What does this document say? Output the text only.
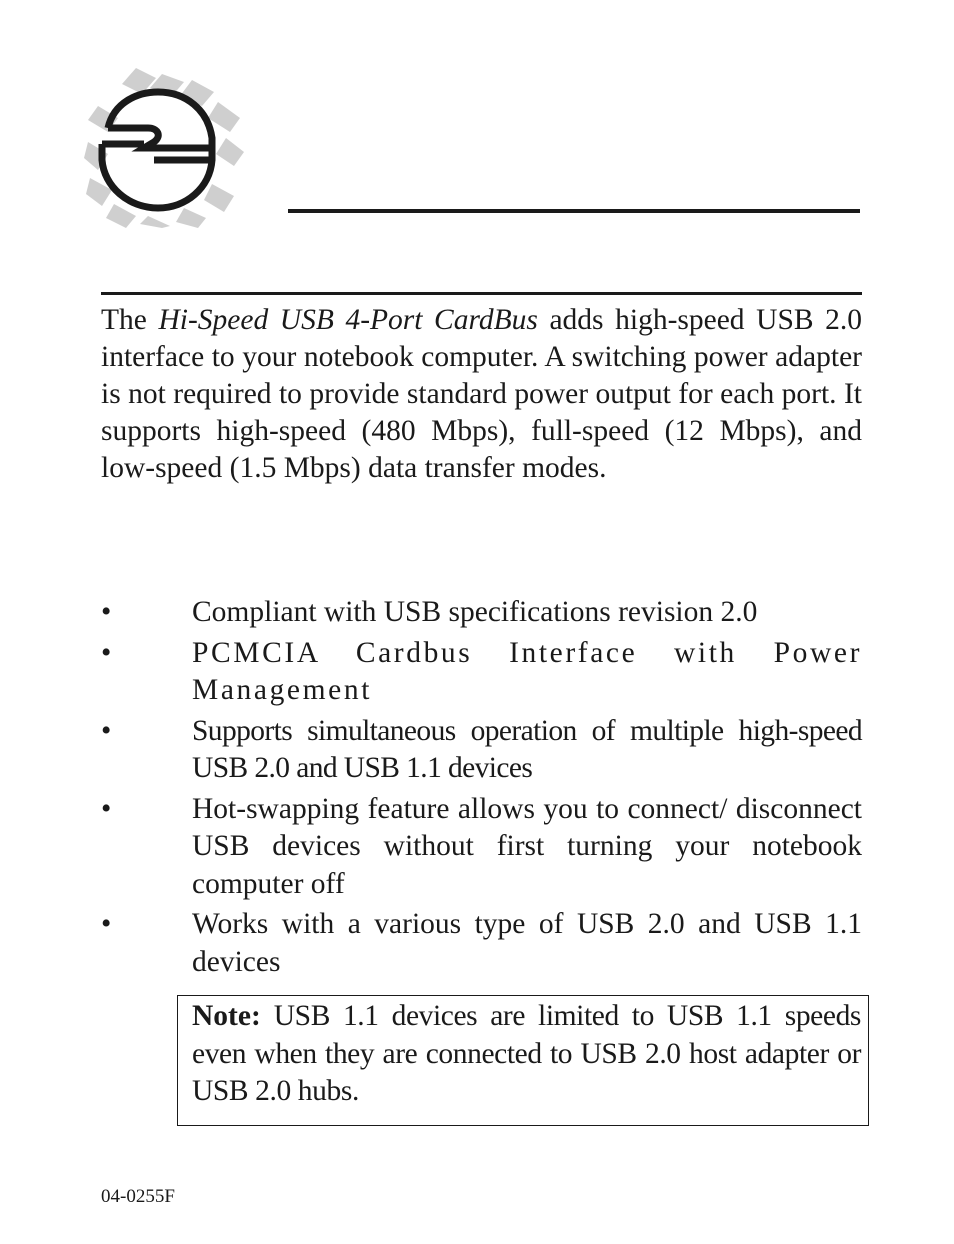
The Hi-Speed USB 4-Port CardBus adds high-speed USB 2.0 interface to your notebook computer. A switching power adapter is not required to provide standard power output for each port. It supports high-speed (480 Mbps), full-speed (12 Mbps), and low-speed (1.5 Mbps) data transfer modes.

•	Compliant with USB specifications revision 2.0
•	PCMCIA Cardbus Interface with Power Management
•	Supports simultaneous operation of multiple high-speed USB 2.0 and USB 1.1 devices
•	Hot-swapping feature allows you to connect/ disconnect USB devices without first turning your notebook computer off
•	Works with a various type of USB 2.0 and USB 1.1 devices
Note: USB 1.1 devices are limited to USB 1.1 speeds even when they are connected to USB 2.0 host adapter or USB 2.0 hubs.
04-0255F
